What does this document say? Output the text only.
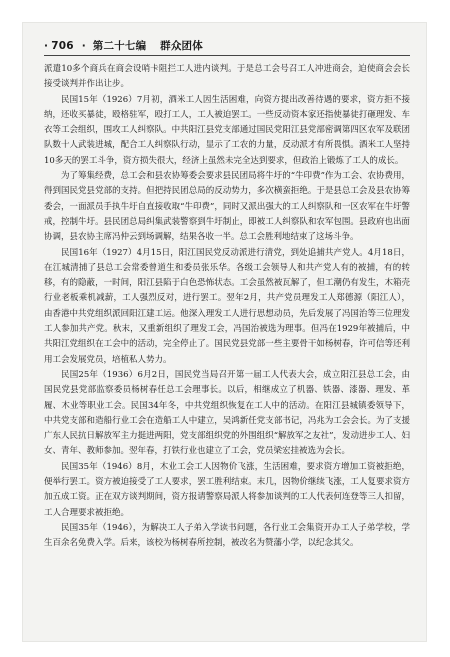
· 706 · 第二十七编 群众团体

派遣10多个商兵在商会设哨卡阻拦工人进内谈判。于是总工会号召工人冲进商会，迫使商会会长接受谈判并作出让步。

民国15年（1926）7月初，酒米工人因生活困难，向资方提出改善待遇的要求，资方拒不接纳，还收买暴徒，殴格驻军，殴打工人，工人被迫罢工。一些反动资本家还指使暴徒打砸理发、车衣等工会组织，围攻工人纠察队。中共阳江县党支部通过国民党阳江县党部密调第四区农军及联团队数十人武装进城，配合工人纠察队行动，显示了工农的力量，反动派才有所畏惧。酒米工人坚持10多天的罢工斗争，资方损失很大，经济上虽然未完全达到要求，但政治上锻炼了工人的成长。

为了筹集经费，总工会和县农协筹委会要求县民团局将牛圩的“牛印费”作为工会、农协费用，得到国民党县党部的支持。但把持民团总局的反动势力，多次横蛮拒绝。于是县总工会及县农协筹委会，一面派员手执牛圩自直接收取“牛印费”，同时又派出强大的工人纠察队和一区农军在牛圩警戒，控制牛圩。县民团总局纠集武装警察到牛圩制止，即被工人纠察队和农军包围。县政府也出面协调，县农协主席冯仲云到场调解，结果各收一半。总工会胜利地结束了这场斗争。

民国16年（1927）4月15日，阳江国民党反动派进行清党，到处追捕共产党人。4月18日，在江城清捕了县总工会常委曾道生和委员张乐华。各级工会领导人和共产党人有的被捕，有的转移，有的隐蔽，一时间，阳江县陷于白色恐怖状态。工会虽然被瓦解了，但工潮仍有发生，木箱壳行业老板乘机减薪，工人强烈反对，进行罢工。翌年2月，共产党员理发工人郑德源（阳江人），由香港中共党组织派回阳江建工运。他深入理发工人进行思想动员，先后发展了冯国治等三位理发工人参加共产党。秋末，又重新组织了理发工会，冯国治被选为理事。但冯在1929年被捕后，中共阳江党组织在工会中的活动，完全停止了。国民党县党部一些主要骨干如杨树春，许可信等还利用工会发展党员，培植私人势力。

民国25年（1936）6月2日，国民党当局召开第一届工人代表大会，成立阳江县总工会，由国民党县党部监察委员杨树春任总工会理事长。以后，相继成立了机器、铁器、漆器、理发、革履、木业等职业工会。民国34年冬，中共党组织恢复在工人中的活动。在阳江县城镇委领导下，中共党支部和造船行业工会在造船工人中建立，吴鸿新任党支部书记，冯兆为工会会长。为了支援广东人民抗日解放军主力挺进两阳，党支部组织党的外围组织“解放军之友社”，发动进步工人、妇女、青年、教师参加。翌年春，打铁行业也建立了工会，党员梁宏挂被选为会长。

民国35年（1946）8月，木业工会工人因物价飞涨，生活困难，要求资方增加工资被拒绝，便举行罢工。资方被迫接受了工人要求，罢工胜利结束。末几，因物价继续飞涨，工人复要求资方加五成工资。正在双方谈判期间，资方报请警察局派人将参加谈判的工人代表何连登等三人扣留，工人合理要求被拒绝。

民国35年（1946），为解决工人子弟入学读书问题，各行业工会集资开办工人子弟学校，学生百余名免费入学。后来，该校为杨树春所控制，被改名为赞藩小学，以纪念其父。
